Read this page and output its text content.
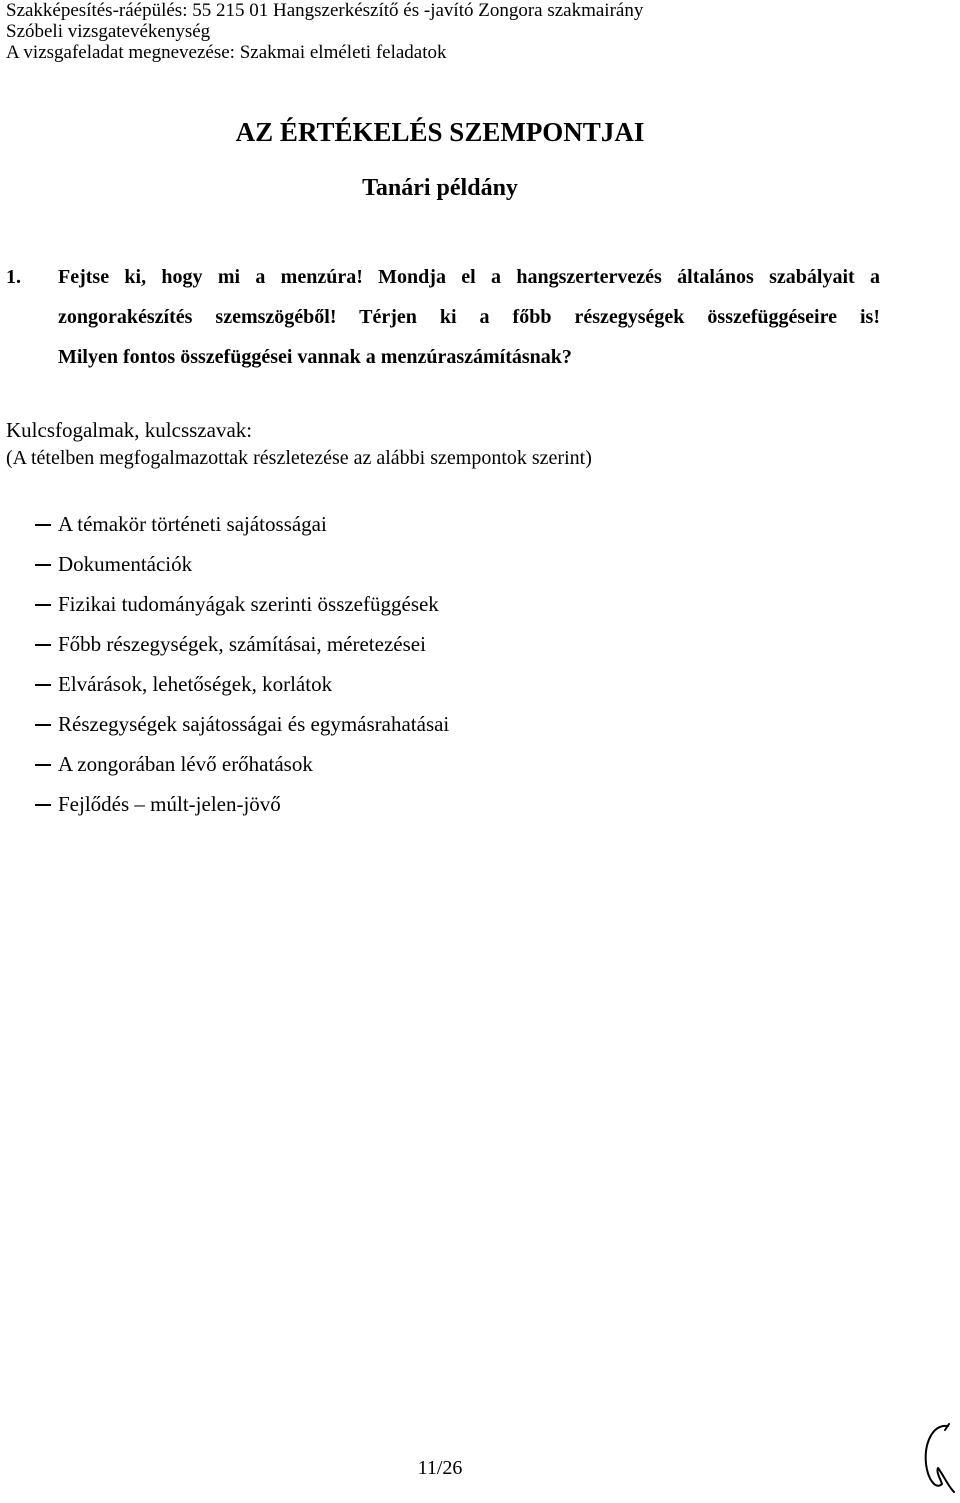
Szakképesítés-ráépülés: 55 215 01 Hangszerkészítő és -javító Zongora szakmairány
Szóbeli vizsgatevékenység
A vizsgafeladat megnevezése: Szakmai elméleti feladatok
AZ ÉRTÉKELÉS SZEMPONTJAI
Tanári példány
1.	Fejtse ki, hogy mi a menzúra! Mondja el a hangszertervezés általános szabályait a
zongorakészítés szemszögéből! Térjen ki a főbb részegységek összefüggéseire is!
Milyen fontos összefüggései vannak a menzúraszámításnak?
Kulcsfogalmak, kulcsszavak:
(A tételben megfogalmazottak részletezése az alábbi szempontok szerint)
A témakör történeti sajátosságai
Dokumentációk
Fizikai tudományágak szerinti összefüggések
Főbb részegységek, számításai, méretezései
Elvárások, lehetőségek, korlátok
Részegységek sajátosságai és egymásrahatásai
A zongorában lévő erőhatások
Fejlődés – múlt-jelen-jövő
11/26
